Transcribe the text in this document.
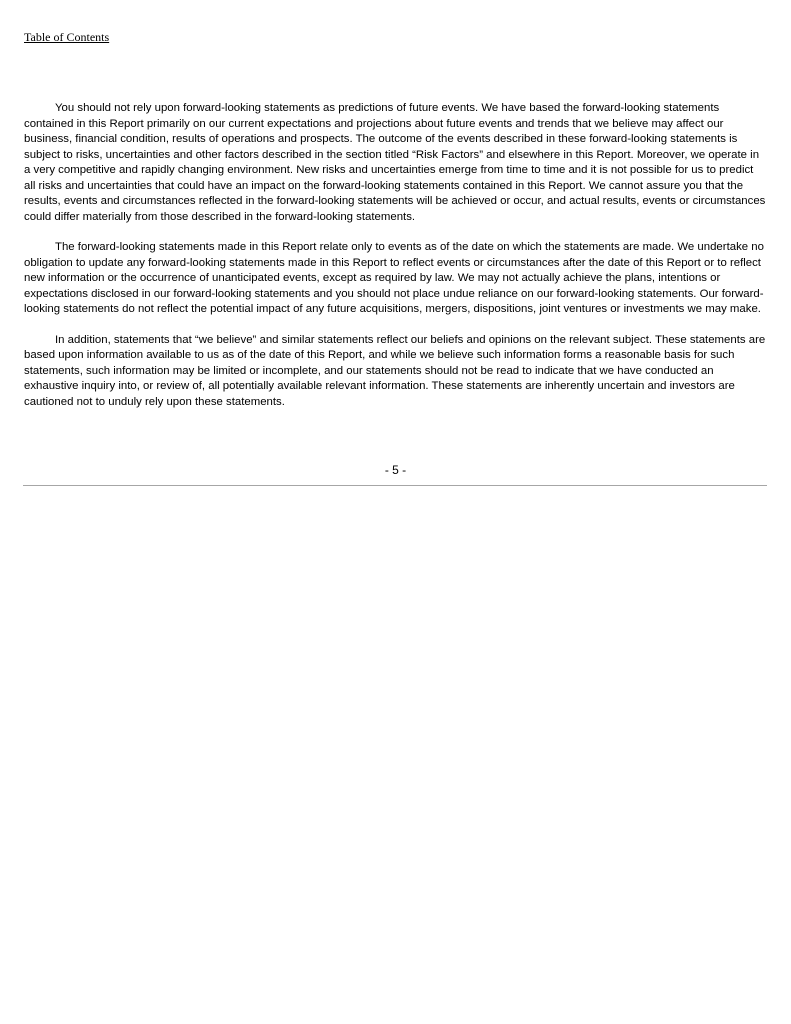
Table of Contents

You should not rely upon forward-looking statements as predictions of future events. We have based the forward-looking statements contained in this Report primarily on our current expectations and projections about future events and trends that we believe may affect our business, financial condition, results of operations and prospects. The outcome of the events described in these forward-looking statements is subject to risks, uncertainties and other factors described in the section titled “Risk Factors” and elsewhere in this Report. Moreover, we operate in a very competitive and rapidly changing environment. New risks and uncertainties emerge from time to time and it is not possible for us to predict all risks and uncertainties that could have an impact on the forward-looking statements contained in this Report. We cannot assure you that the results, events and circumstances reflected in the forward-looking statements will be achieved or occur, and actual results, events or circumstances could differ materially from those described in the forward-looking statements.

The forward-looking statements made in this Report relate only to events as of the date on which the statements are made. We undertake no obligation to update any forward-looking statements made in this Report to reflect events or circumstances after the date of this Report or to reflect new information or the occurrence of unanticipated events, except as required by law. We may not actually achieve the plans, intentions or expectations disclosed in our forward-looking statements and you should not place undue reliance on our forward-looking statements. Our forward-looking statements do not reflect the potential impact of any future acquisitions, mergers, dispositions, joint ventures or investments we may make.

In addition, statements that “we believe” and similar statements reflect our beliefs and opinions on the relevant subject. These statements are based upon information available to us as of the date of this Report, and while we believe such information forms a reasonable basis for such statements, such information may be limited or incomplete, and our statements should not be read to indicate that we have conducted an exhaustive inquiry into, or review of, all potentially available relevant information. These statements are inherently uncertain and investors are cautioned not to unduly rely upon these statements.

- 5 -
